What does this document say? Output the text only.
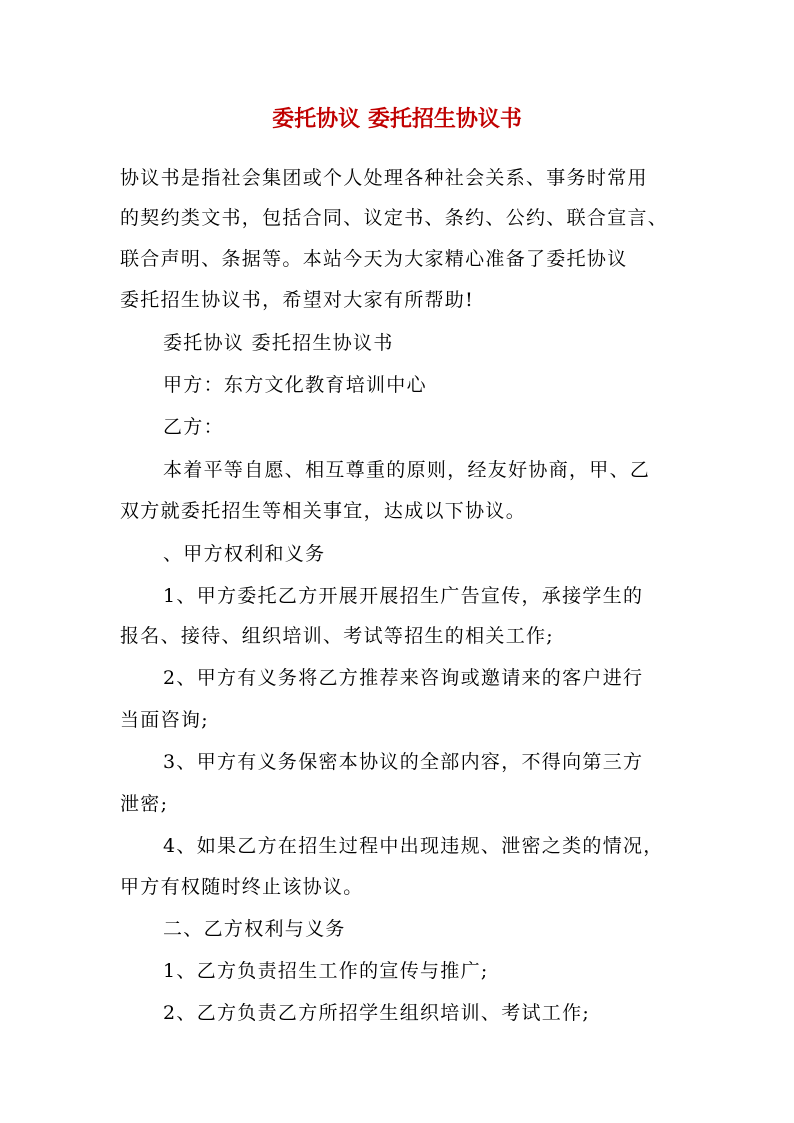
委托协议 委托招生协议书
协议书是指社会集团或个人处理各种社会关系、事务时常用
的契约类文书，包括合同、议定书、条约、公约、联合宣言、
联合声明、条据等。本站今天为大家精心准备了委托协议
委托招生协议书，希望对大家有所帮助!
委托协议 委托招生协议书
甲方：东方文化教育培训中心
乙方：
本着平等自愿、相互尊重的原则，经友好协商，甲、乙
双方就委托招生等相关事宜，达成以下协议。
、甲方权利和义务
1、甲方委托乙方开展开展招生广告宣传，承接学生的
报名、接待、组织培训、考试等招生的相关工作;
2、甲方有义务将乙方推荐来咨询或邀请来的客户进行
当面咨询;
3、甲方有义务保密本协议的全部内容，不得向第三方
泄密;
4、如果乙方在招生过程中出现违规、泄密之类的情况，
甲方有权随时终止该协议。
二、乙方权利与义务
1、乙方负责招生工作的宣传与推广;
2、乙方负责乙方所招学生组织培训、考试工作;
